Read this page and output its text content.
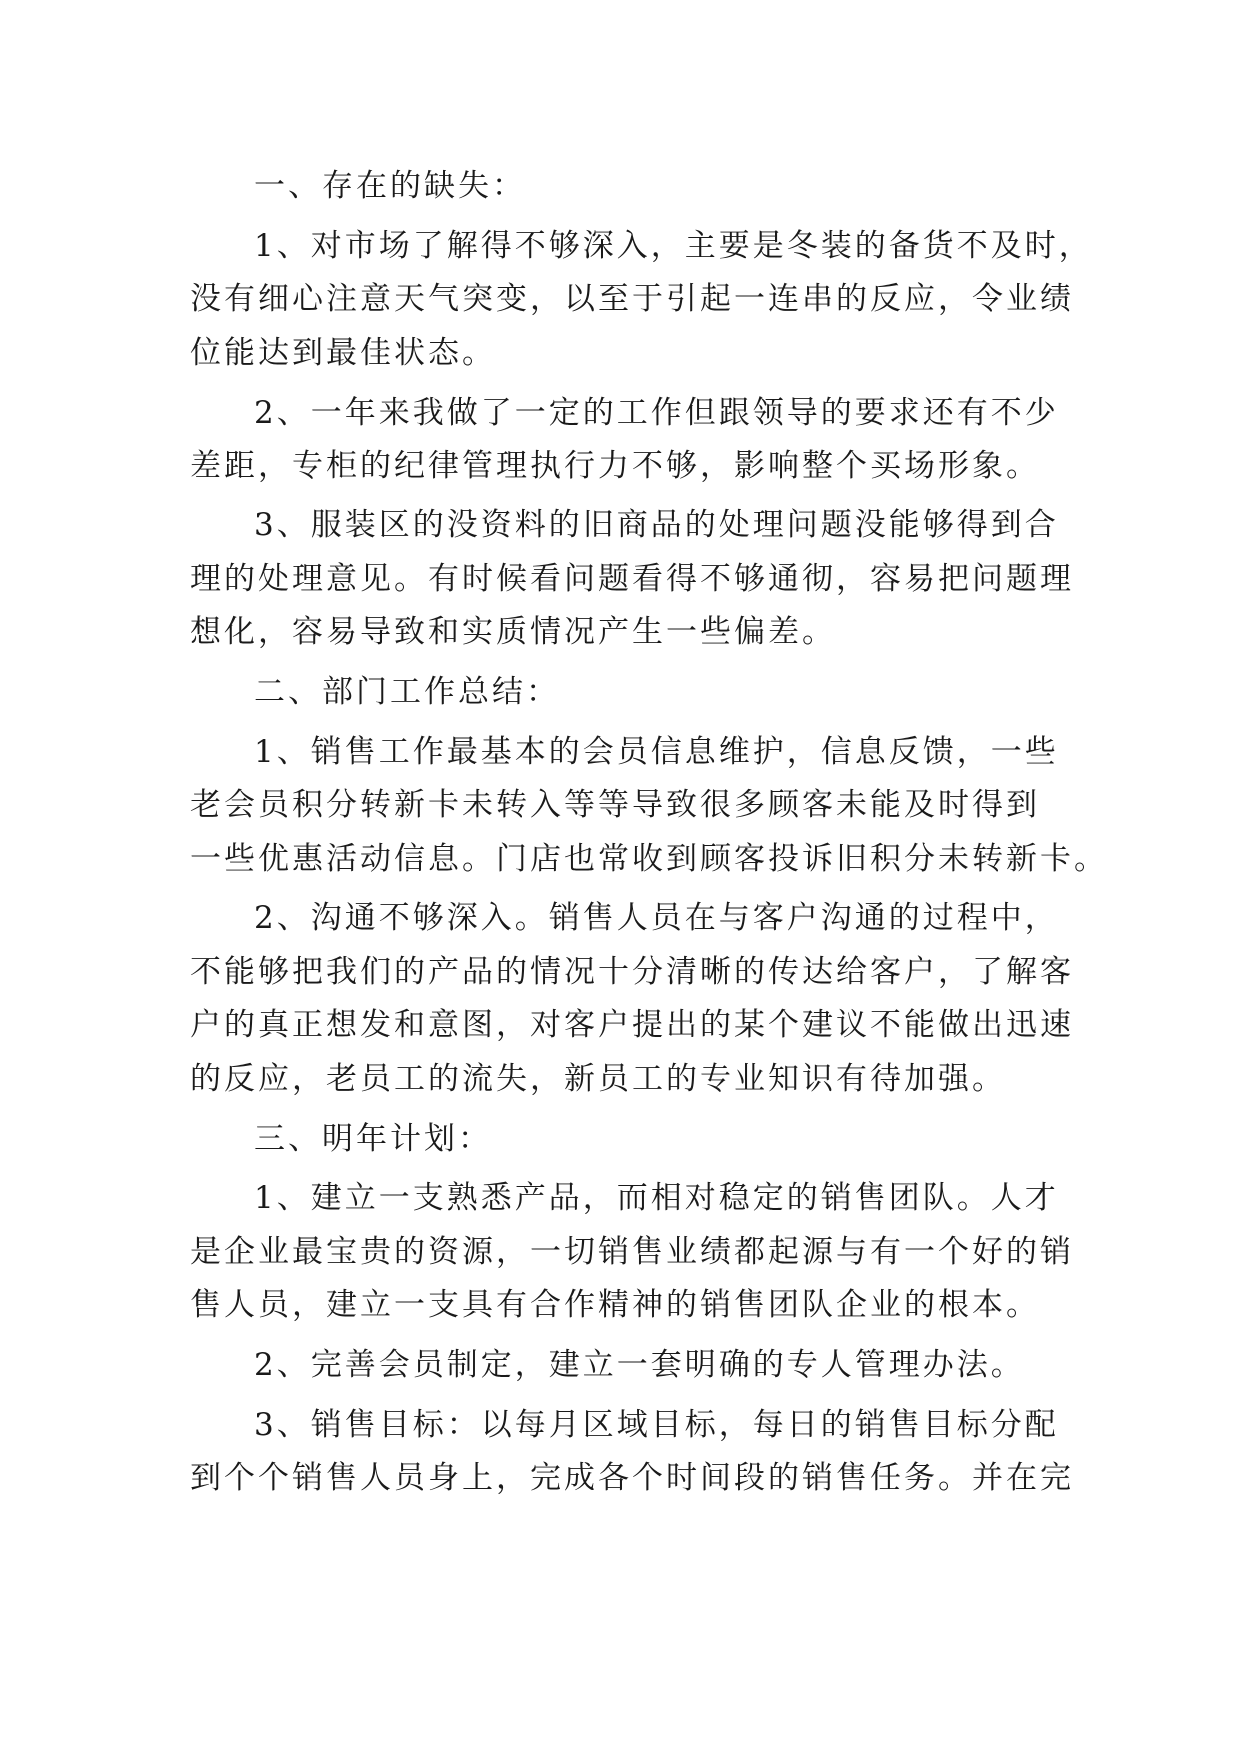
一、存在的缺失：

1、对市场了解得不够深入，主要是冬装的备货不及时，

没有细心注意天气突变，以至于引起一连串的反应，令业绩

位能达到最佳状态。

2、一年来我做了一定的工作但跟领导的要求还有不少

差距，专柜的纪律管理执行力不够，影响整个买场形象。

3、服装区的没资料的旧商品的处理问题没能够得到合

理的处理意见。有时候看问题看得不够通彻，容易把问题理

想化，容易导致和实质情况产生一些偏差。

二、部门工作总结：

1、销售工作最基本的会员信息维护，信息反馈，一些

老会员积分转新卡未转入等等导致很多顾客未能及时得到

一些优惠活动信息。门店也常收到顾客投诉旧积分未转新卡。

2、沟通不够深入。销售人员在与客户沟通的过程中，

不能够把我们的产品的情况十分清晰的传达给客户，了解客

户的真正想发和意图，对客户提出的某个建议不能做出迅速

的反应，老员工的流失，新员工的专业知识有待加强。

三、明年计划：

1、建立一支熟悉产品，而相对稳定的销售团队。人才

是企业最宝贵的资源，一切销售业绩都起源与有一个好的销

售人员，建立一支具有合作精神的销售团队企业的根本。

2、完善会员制定，建立一套明确的专人管理办法。

3、销售目标：以每月区域目标，每日的销售目标分配

到个个销售人员身上，完成各个时间段的销售任务。并在完
